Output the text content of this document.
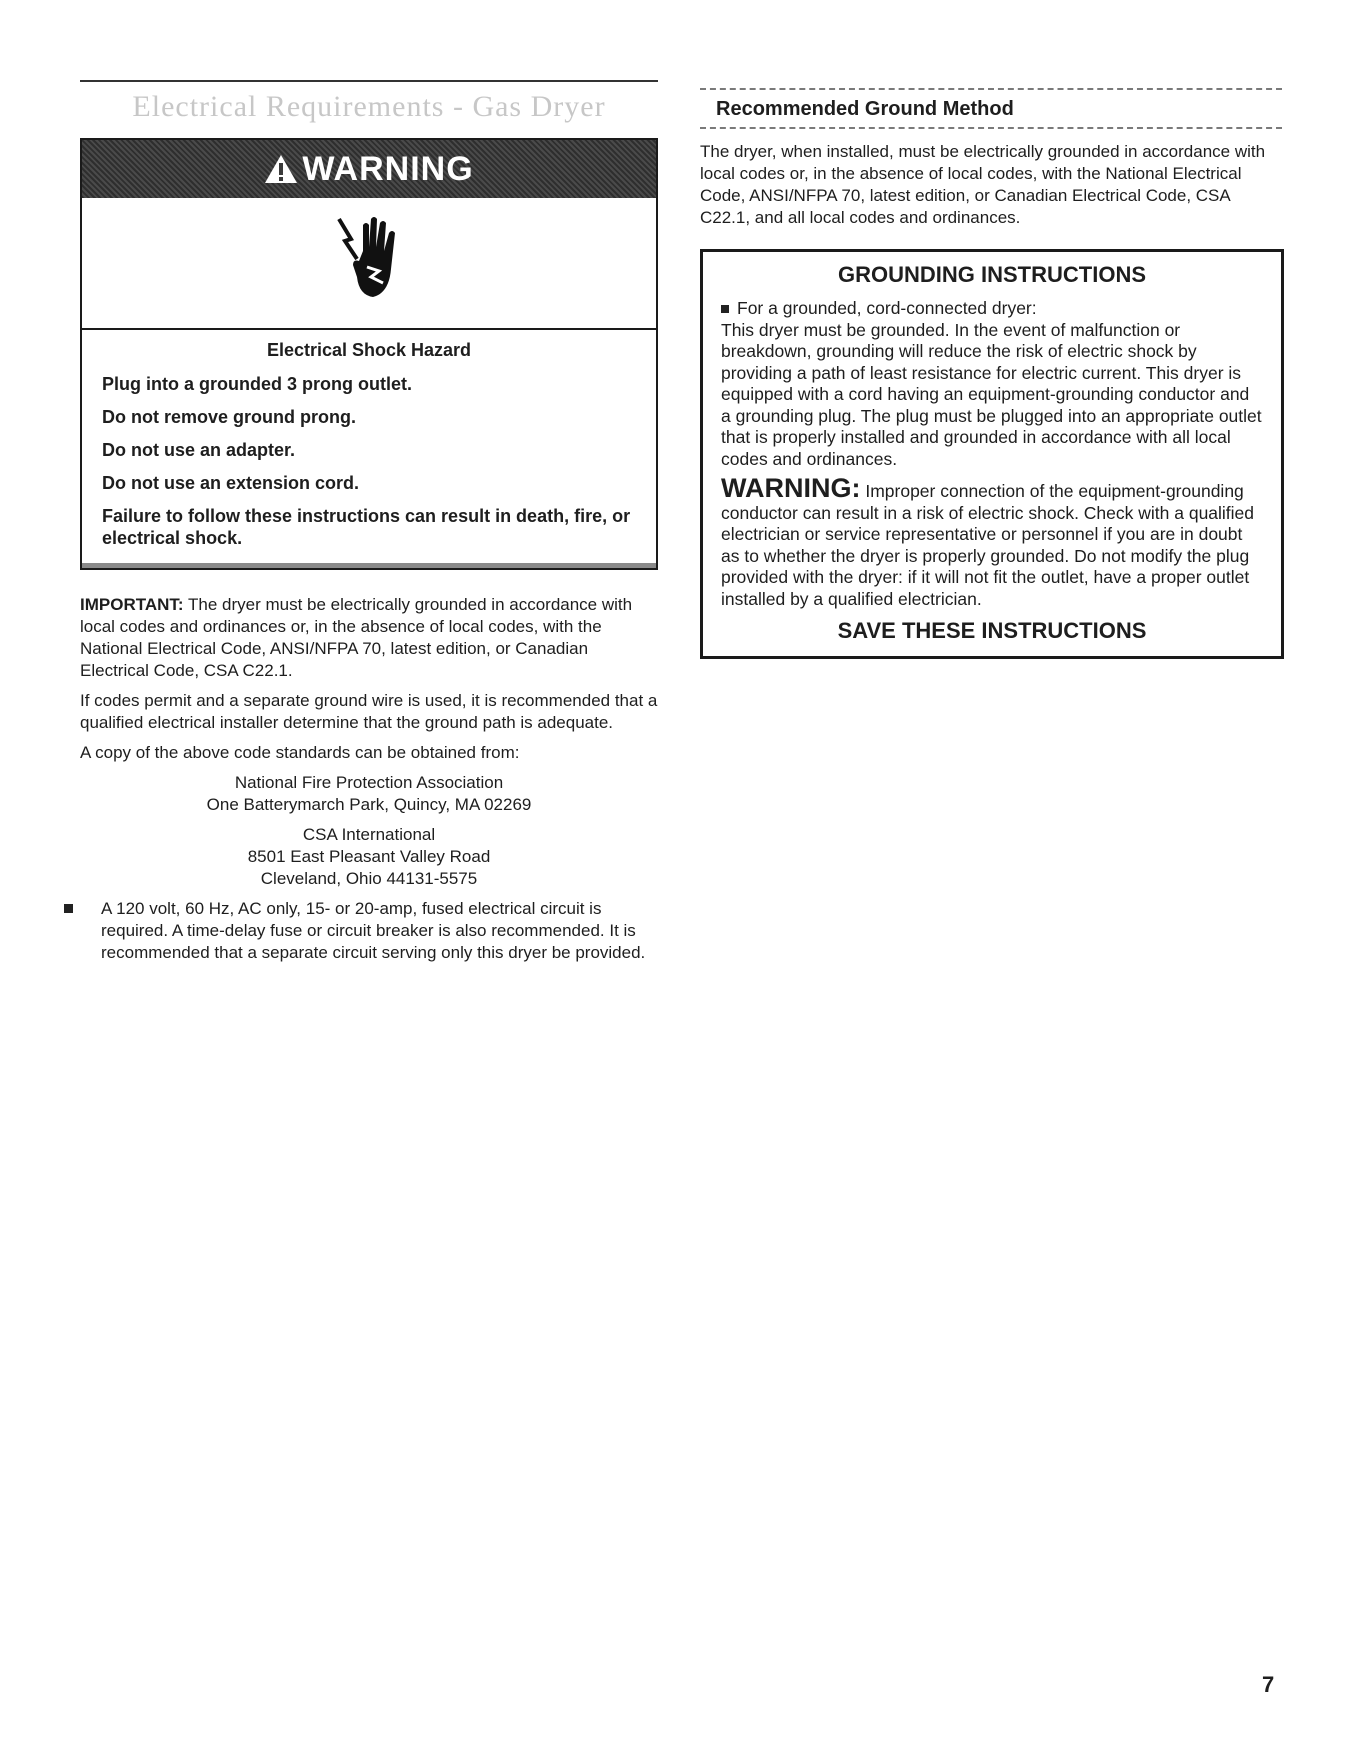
Electrical Requirements - Gas Dryer
WARNING
Electrical Shock Hazard

Plug into a grounded 3 prong outlet.

Do not remove ground prong.

Do not use an adapter.

Do not use an extension cord.

Failure to follow these instructions can result in death, fire, or electrical shock.

IMPORTANT: The dryer must be electrically grounded in accordance with local codes and ordinances or, in the absence of local codes, with the National Electrical Code, ANSI/NFPA 70, latest edition, or Canadian Electrical Code, CSA C22.1.

If codes permit and a separate ground wire is used, it is recommended that a qualified electrical installer determine that the ground path is adequate.

A copy of the above code standards can be obtained from:

National Fire Protection Association
One Batterymarch Park, Quincy, MA 02269
CSA International
8501 East Pleasant Valley Road
Cleveland, Ohio 44131-5575

A 120 volt, 60 Hz, AC only, 15- or 20-amp, fused electrical circuit is required. A time-delay fuse or circuit breaker is also recommended. It is recommended that a separate circuit serving only this dryer be provided.

Recommended Ground Method

The dryer, when installed, must be electrically grounded in accordance with local codes or, in the absence of local codes, with the National Electrical Code, ANSI/NFPA 70, latest edition, or Canadian Electrical Code, CSA C22.1, and all local codes and ordinances.

GROUNDING INSTRUCTIONS

For a grounded, cord-connected dryer:

This dryer must be grounded. In the event of malfunction or breakdown, grounding will reduce the risk of electric shock by providing a path of least resistance for electric current. This dryer is equipped with a cord having an equipment-grounding conductor and a grounding plug. The plug must be plugged into an appropriate outlet that is properly installed and grounded in accordance with all local codes and ordinances.

WARNING: Improper connection of the equipment-grounding conductor can result in a risk of electric shock. Check with a qualified electrician or service representative or personnel if you are in doubt as to whether the dryer is properly grounded. Do not modify the plug provided with the dryer: if it will not fit the outlet, have a proper outlet installed by a qualified electrician.

SAVE THESE INSTRUCTIONS
7
